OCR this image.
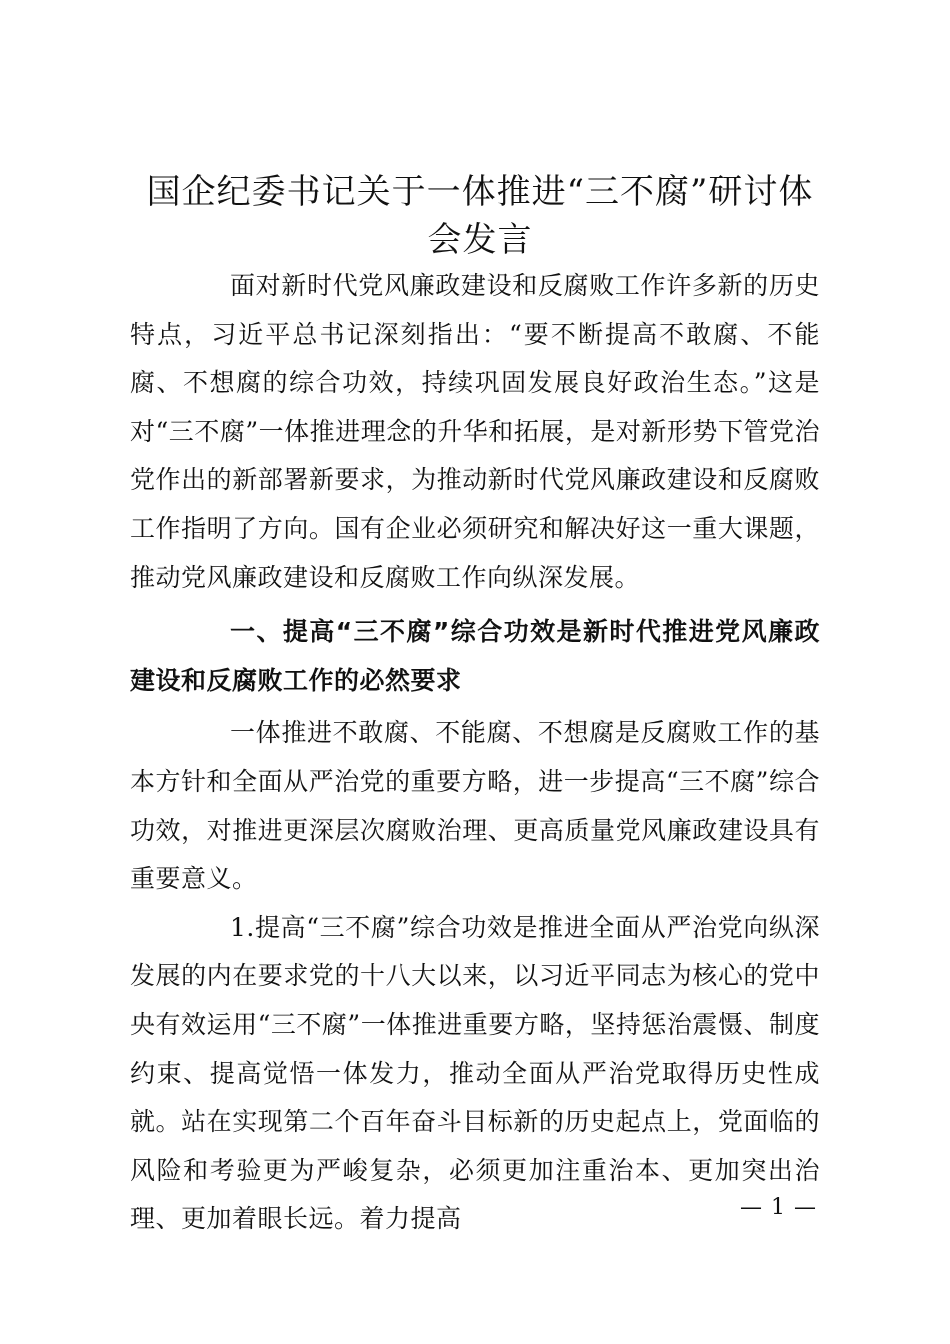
国企纪委书记关于一体推进“三不腐”研讨体
会发言

面对新时代党风廉政建设和反腐败工作许多新的历史特点，习近平总书记深刻指出：“要不断提高不敢腐、不能腐、不想腐的综合功效，持续巩固发展良好政治生态。”这是对“三不腐”一体推进理念的升华和拓展，是对新形势下管党治党作出的新部署新要求，为推动新时代党风廉政建设和反腐败工作指明了方向。国有企业必须研究和解决好这一重大课题，推动党风廉政建设和反腐败工作向纵深发展。

一、提高“三不腐”综合功效是新时代推进党风廉政建设和反腐败工作的必然要求

一体推进不敢腐、不能腐、不想腐是反腐败工作的基本方针和全面从严治党的重要方略，进一步提高“三不腐”综合功效，对推进更深层次腐败治理、更高质量党风廉政建设具有重要意义。

1.提高“三不腐”综合功效是推进全面从严治党向纵深发展的内在要求党的十八大以来，以习近平同志为核心的党中央有效运用“三不腐”一体推进重要方略，坚持惩治震慑、制度约束、提高觉悟一体发力，推动全面从严治党取得历史性成就。站在实现第二个百年奋斗目标新的历史起点上，党面临的风险和考验更为严峻复杂，必须更加注重治本、更加突出治理、更加着眼长远。着力提高	— 1 —
